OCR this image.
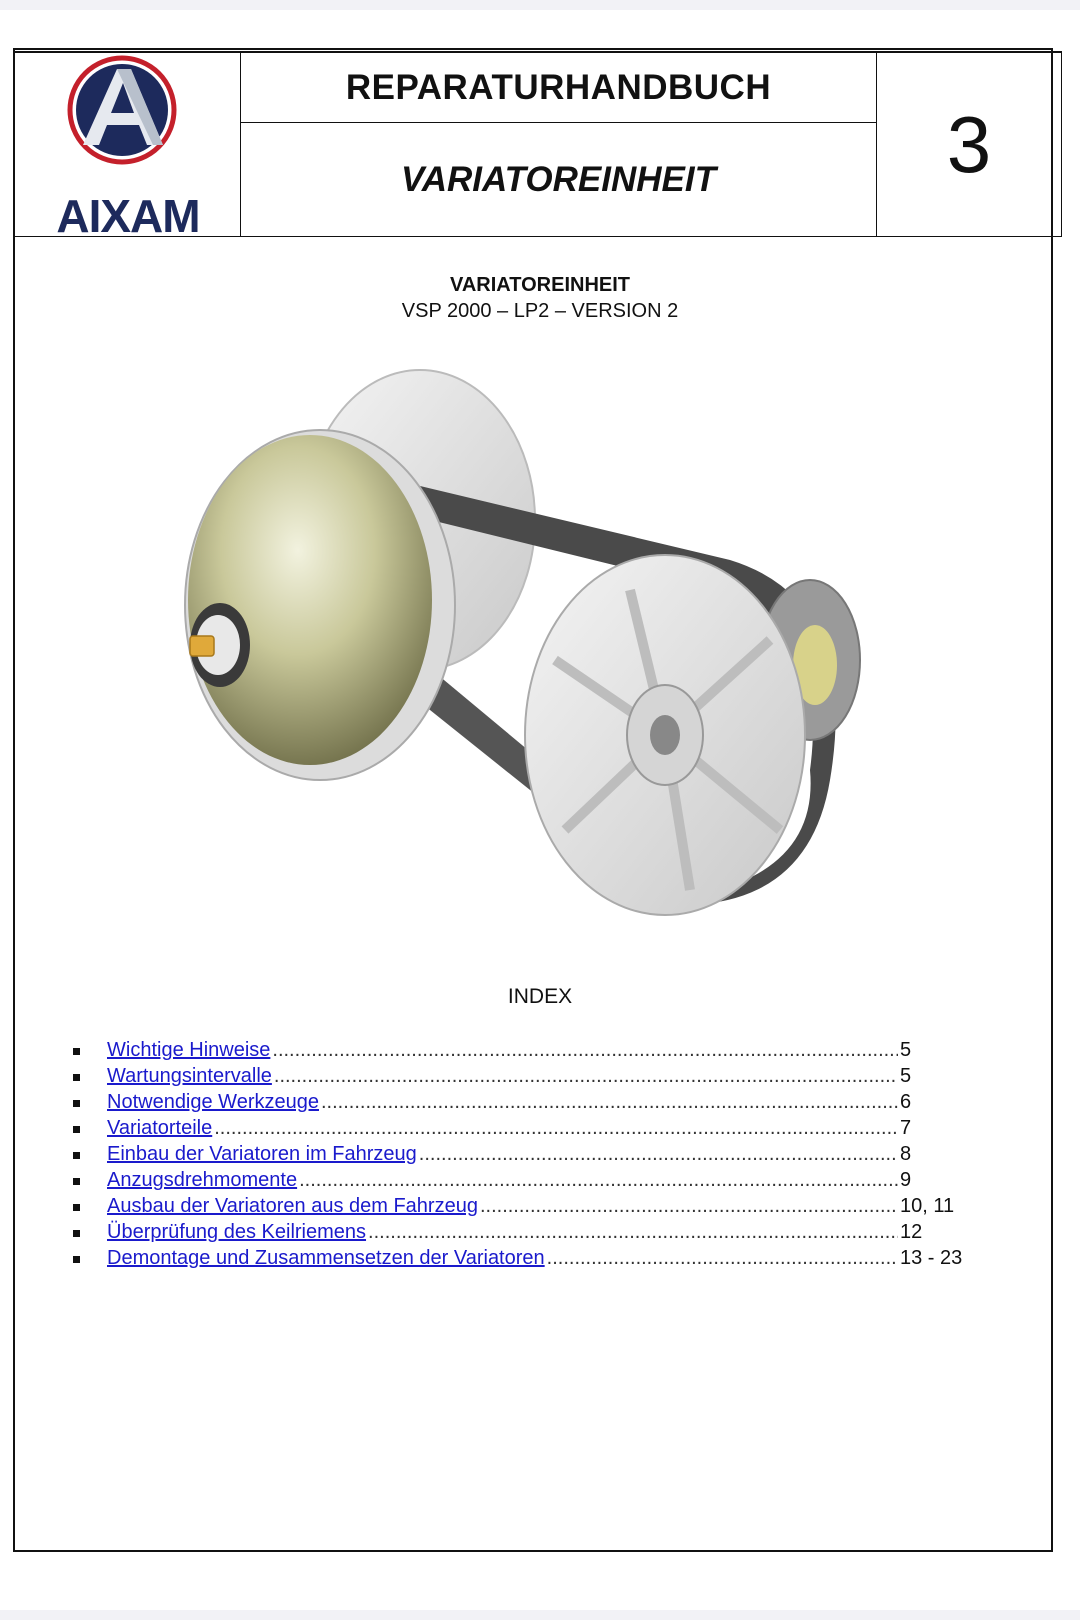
AIXAM
REPARATURHANDBUCH
VARIATOREINHEIT	3
VARIATOREINHEIT
VSP 2000 – LP2 – VERSION 2
INDEX
Wichtige Hinweise .....	5
Wartungsintervalle .....	5
Notwendige Werkzeuge .....	6
Variatorteile .....	7
Einbau der Variatoren im Fahrzeug .....	8
Anzugsdrehmomente .....	9
Ausbau der Variatoren aus dem Fahrzeug .....	10, 11
Überprüfung des Keilriemens .....	12
Demontage und Zusammensetzen der Variatoren .....	13 - 23
